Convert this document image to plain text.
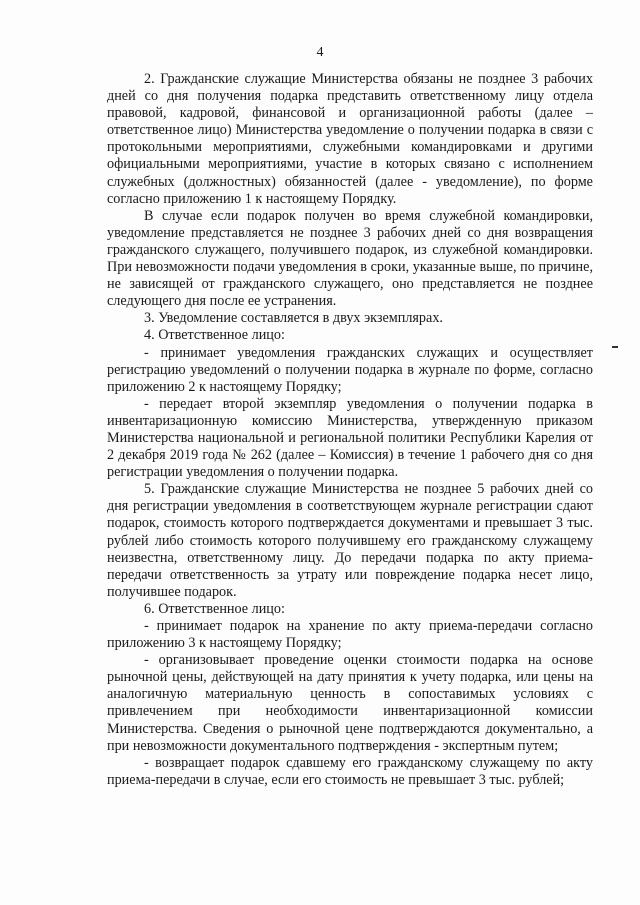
4

2. Гражданские служащие Министерства обязаны не позднее 3 рабочих дней со дня получения подарка представить ответственному лицу отдела правовой, кадровой, финансовой и организационной работы (далее – ответственное лицо) Министерства уведомление о получении подарка в связи с протокольными мероприятиями, служебными командировками и другими официальными мероприятиями, участие в которых связано с исполнением служебных (должностных) обязанностей (далее - уведомление), по форме согласно приложению 1 к настоящему Порядку.

В случае если подарок получен во время служебной командировки, уведомление представляется не позднее 3 рабочих дней со дня возвращения гражданского служащего, получившего подарок, из служебной командировки. При невозможности подачи уведомления в сроки, указанные выше, по причине, не зависящей от гражданского служащего, оно представляется не позднее следующего дня после ее устранения.

3. Уведомление составляется в двух экземплярах.

4. Ответственное лицо:

- принимает уведомления гражданских служащих и осуществляет регистрацию уведомлений о получении подарка в журнале по форме, согласно приложению 2 к настоящему Порядку;

- передает второй экземпляр уведомления о получении подарка в инвентаризационную комиссию Министерства, утвержденную приказом Министерства национальной и региональной политики Республики Карелия от 2 декабря 2019 года № 262 (далее – Комиссия) в течение 1 рабочего дня со дня регистрации уведомления о получении подарка.

5. Гражданские служащие Министерства не позднее 5 рабочих дней со дня регистрации уведомления в соответствующем журнале регистрации сдают подарок, стоимость которого подтверждается документами и превышает 3 тыс. рублей либо стоимость которого получившему его гражданскому служащему неизвестна, ответственному лицу. До передачи подарка по акту приема-передачи ответственность за утрату или повреждение подарка несет лицо, получившее подарок.

6. Ответственное лицо:

- принимает подарок на хранение по акту приема-передачи согласно приложению 3 к настоящему Порядку;

- организовывает проведение оценки стоимости подарка на основе рыночной цены, действующей на дату принятия к учету подарка, или цены на аналогичную материальную ценность в сопоставимых условиях с привлечением при необходимости инвентаризационной комиссии Министерства. Сведения о рыночной цене подтверждаются документально, а при невозможности документального подтверждения - экспертным путем;

- возвращает подарок сдавшему его гражданскому служащему по акту приема-передачи в случае, если его стоимость не превышает 3 тыс. рублей;
